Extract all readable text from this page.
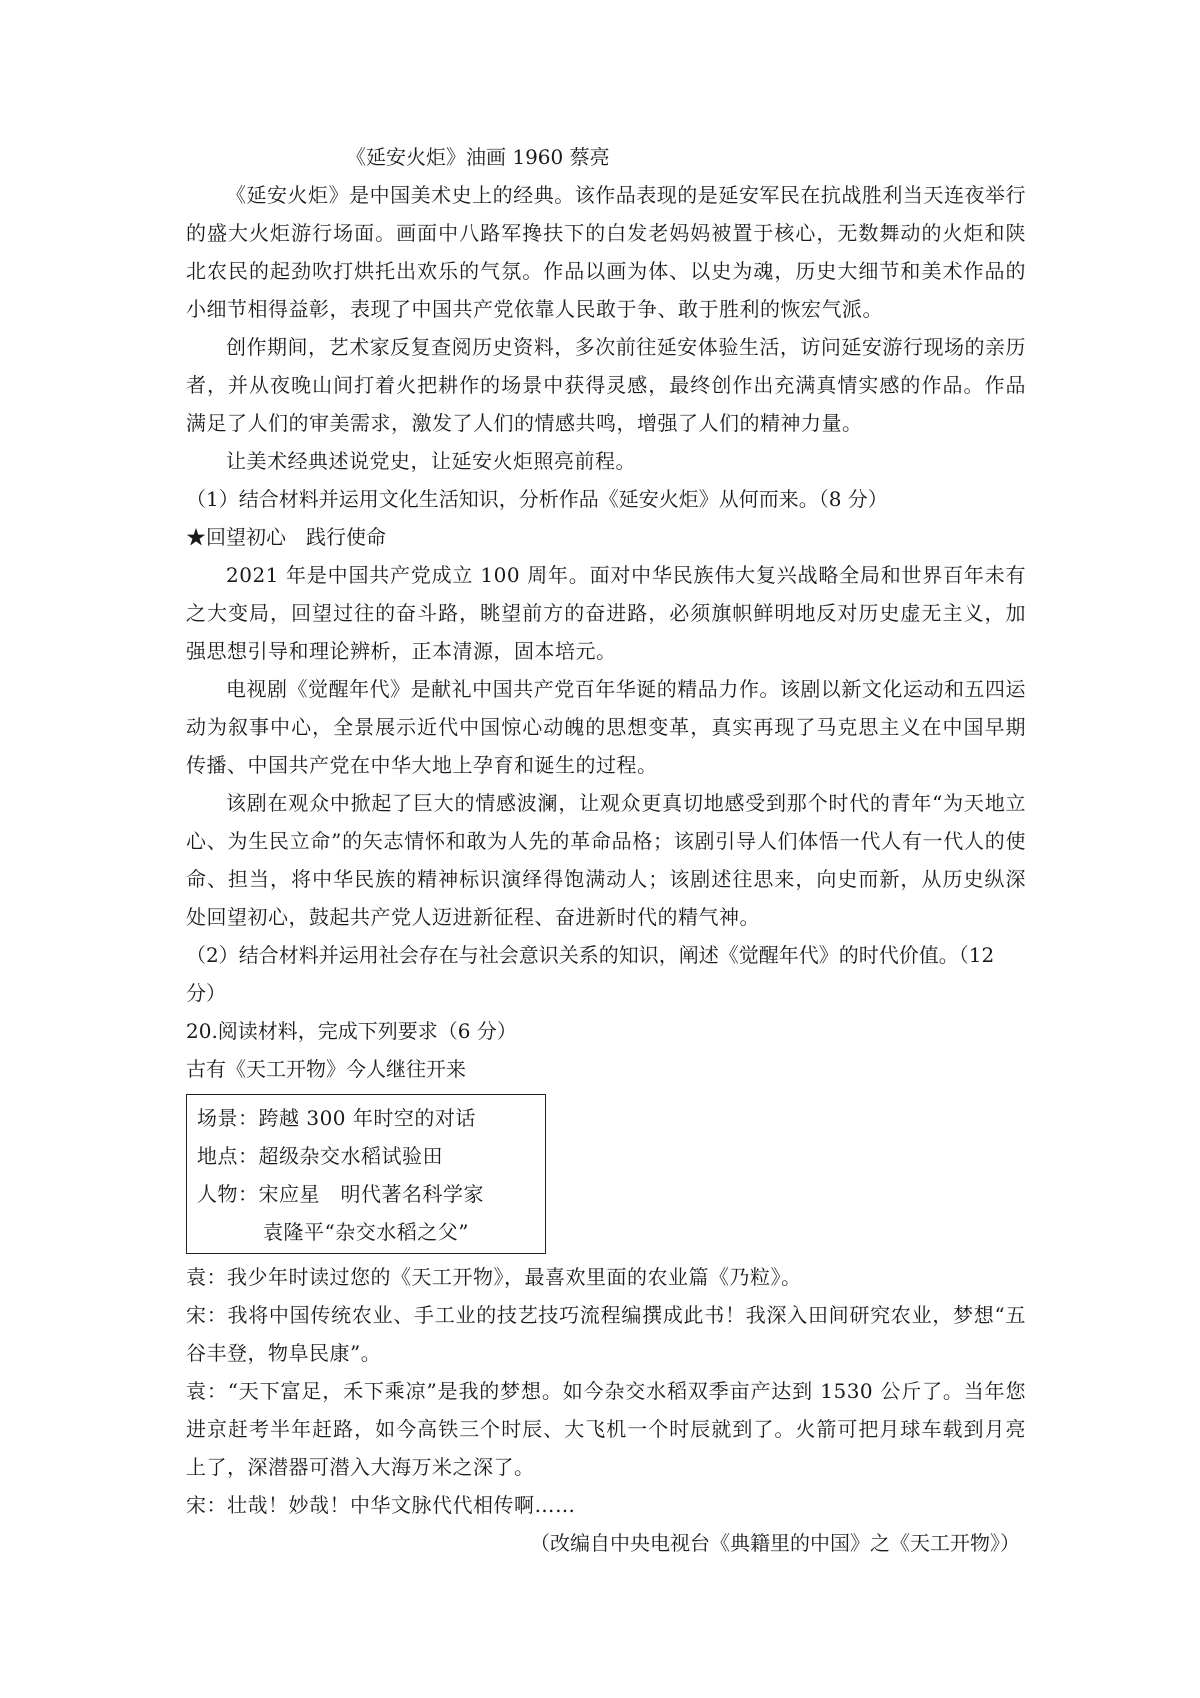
《延安火炬》油画 1960 蔡亮

《延安火炬》是中国美术史上的经典。该作品表现的是延安军民在抗战胜利当天连夜举行的盛大火炬游行场面。画面中八路军搀扶下的白发老妈妈被置于核心，无数舞动的火炬和陕北农民的起劲吹打烘托出欢乐的气氛。作品以画为体、以史为魂，历史大细节和美术作品的小细节相得益彰，表现了中国共产党依靠人民敢于争、敢于胜利的恢宏气派。

创作期间，艺术家反复查阅历史资料，多次前往延安体验生活，访问延安游行现场的亲历者，并从夜晚山间打着火把耕作的场景中获得灵感，最终创作出充满真情实感的作品。作品满足了人们的审美需求，激发了人们的情感共鸣，增强了人们的精神力量。

让美术经典述说党史，让延安火炬照亮前程。

（1）结合材料并运用文化生活知识，分析作品《延安火炬》从何而来。（8 分）

★回望初心　践行使命

2021 年是中国共产党成立 100 周年。面对中华民族伟大复兴战略全局和世界百年未有之大变局，回望过往的奋斗路，眺望前方的奋进路，必须旗帜鲜明地反对历史虚无主义，加强思想引导和理论辨析，正本清源，固本培元。

电视剧《觉醒年代》是献礼中国共产党百年华诞的精品力作。该剧以新文化运动和五四运动为叙事中心，全景展示近代中国惊心动魄的思想变革，真实再现了马克思主义在中国早期传播、中国共产党在中华大地上孕育和诞生的过程。

该剧在观众中掀起了巨大的情感波澜，让观众更真切地感受到那个时代的青年“为天地立心、为生民立命”的矢志情怀和敢为人先的革命品格；该剧引导人们体悟一代人有一代人的使命、担当，将中华民族的精神标识演绎得饱满动人；该剧述往思来，向史而新，从历史纵深处回望初心，鼓起共产党人迈进新征程、奋进新时代的精气神。

（2）结合材料并运用社会存在与社会意识关系的知识，阐述《觉醒年代》的时代价值。（12 分）

20.阅读材料，完成下列要求（6 分）

古有《天工开物》今人继往开来

场景：跨越 300 年时空的对话

地点：超级杂交水稻试验田

人物：宋应星　明代著名科学家

袁隆平“杂交水稻之父”

袁：我少年时读过您的《天工开物》，最喜欢里面的农业篇《乃粒》。

宋：我将中国传统农业、手工业的技艺技巧流程编撰成此书！我深入田间研究农业，梦想“五谷丰登，物阜民康”。

袁：“天下富足，禾下乘凉”是我的梦想。如今杂交水稻双季亩产达到 1530 公斤了。当年您进京赶考半年赶路，如今高铁三个时辰、大飞机一个时辰就到了。火箭可把月球车载到月亮上了，深潜器可潜入大海万米之深了。

宋：壮哉！妙哉！中华文脉代代相传啊……

（改编自中央电视台《典籍里的中国》之《天工开物》）
